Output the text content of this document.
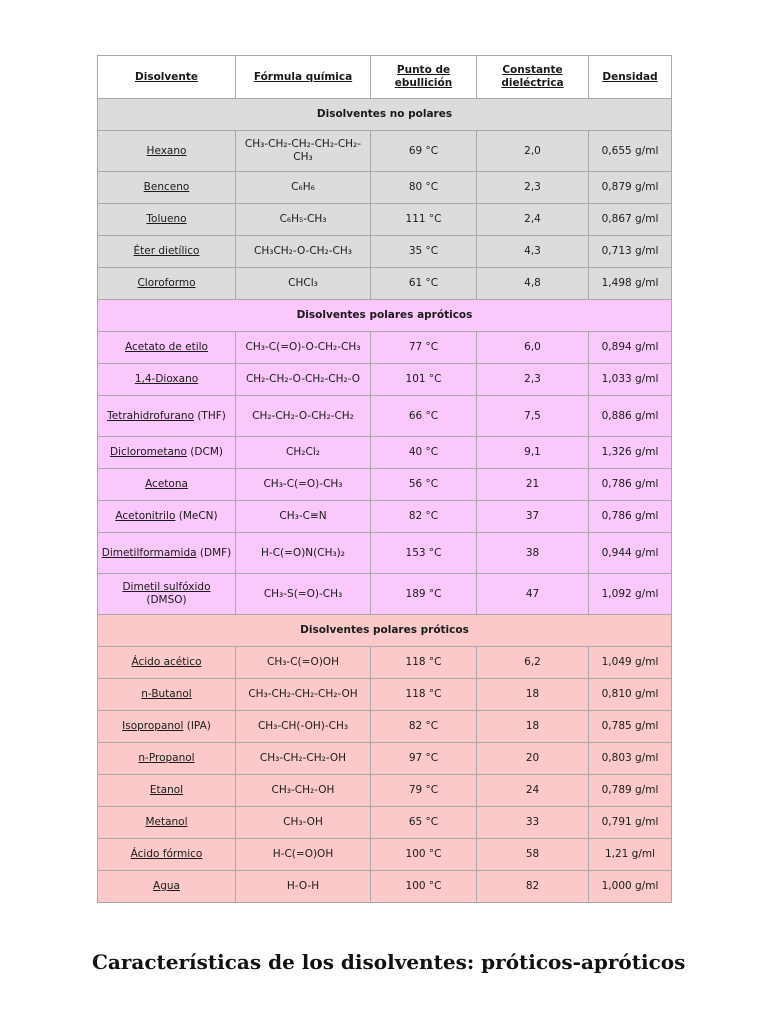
Disolvente	Fórmula química	Punto de ebullición	Constante dieléctrica	Densidad
Disolventes no polares				
Hexano	CH₃-CH₂-CH₂-CH₂-CH₂-CH₃	69 °C	2,0	0,655 g/ml
Benceno	C₆H₆	80 °C	2,3	0,879 g/ml
Tolueno	C₆H₅-CH₃	111 °C	2,4	0,867 g/ml
Éter dietílico	CH₃CH₂-O-CH₂-CH₃	35 °C	4,3	0,713 g/ml
Cloroformo	CHCl₃	61 °C	4,8	1,498 g/ml
Disolventes polares apróticos				
Acetato de etilo	CH₃-C(=O)-O-CH₂-CH₃	77 °C	6,0	0,894 g/ml
1,4-Dioxano	CH₂-CH₂-O-CH₂-CH₂-O	101 °C	2,3	1,033 g/ml
Tetrahidrofurano (THF)	CH₂-CH₂-O-CH₂-CH₂	66 °C	7,5	0,886 g/ml
Diclorometano (DCM)	CH₂Cl₂	40 °C	9,1	1,326 g/ml
Acetona	CH₃-C(=O)-CH₃	56 °C	21	0,786 g/ml
Acetonitrilo (MeCN)	CH₃-C≡N	82 °C	37	0,786 g/ml
Dimetilformamida (DMF)	H-C(=O)N(CH₃)₂	153 °C	38	0,944 g/ml
Dimetil sulfóxido (DMSO)	CH₃-S(=O)-CH₃	189 °C	47	1,092 g/ml
Disolventes polares próticos				
Ácido acético	CH₃-C(=O)OH	118 °C	6,2	1,049 g/ml
n-Butanol	CH₃-CH₂-CH₂-CH₂-OH	118 °C	18	0,810 g/ml
Isopropanol (IPA)	CH₃-CH(-OH)-CH₃	82 °C	18	0,785 g/ml
n-Propanol	CH₃-CH₂-CH₂-OH	97 °C	20	0,803 g/ml
Etanol	CH₃-CH₂-OH	79 °C	24	0,789 g/ml
Metanol	CH₃-OH	65 °C	33	0,791 g/ml
Ácido fórmico	H-C(=O)OH	100 °C	58	1,21 g/ml
Agua	H-O-H	100 °C	82	1,000 g/ml
Características de los disolventes: próticos-apróticos
